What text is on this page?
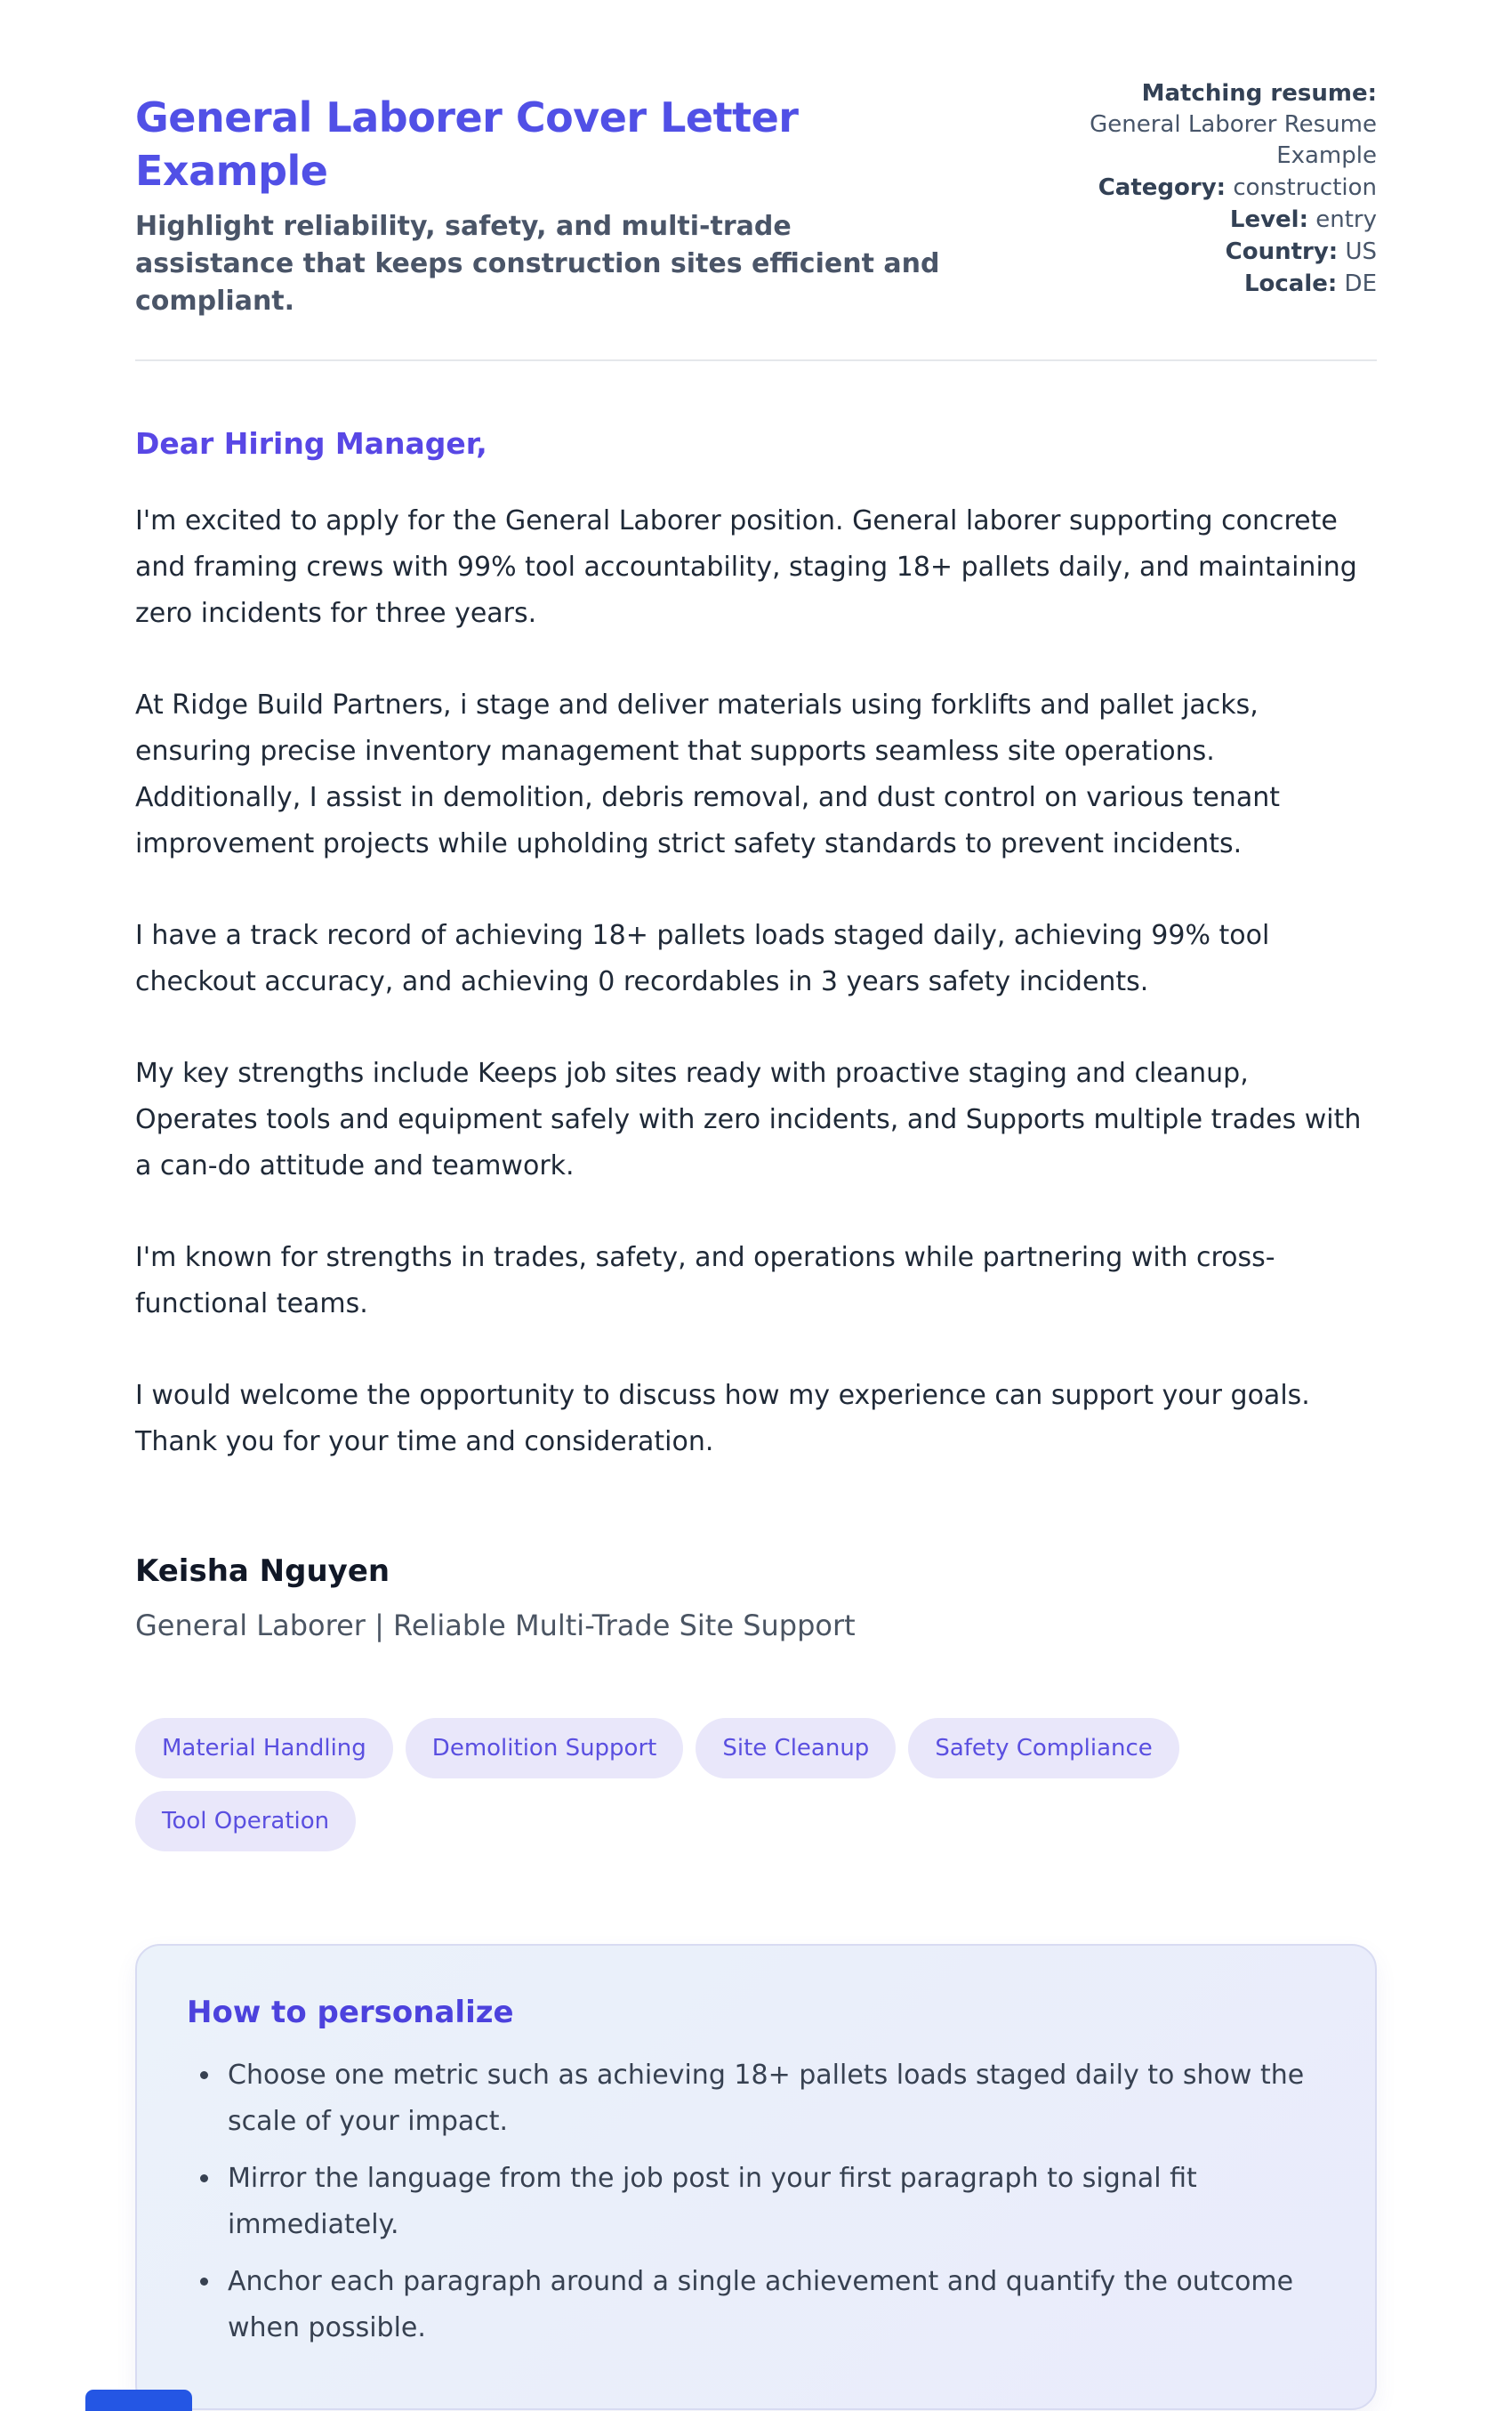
General Laborer Cover Letter Example

Highlight reliability, safety, and multi-trade assistance that keeps construction sites efficient and compliant.

Matching resume:
General Laborer Resume Example
Category: construction
Level: entry
Country: US
Locale: DE

Dear Hiring Manager,

I'm excited to apply for the General Laborer position. General laborer supporting concrete and framing crews with 99% tool accountability, staging 18+ pallets daily, and maintaining zero incidents for three years.

At Ridge Build Partners, i stage and deliver materials using forklifts and pallet jacks, ensuring precise inventory management that supports seamless site operations. Additionally, I assist in demolition, debris removal, and dust control on various tenant improvement projects while upholding strict safety standards to prevent incidents.

I have a track record of achieving 18+ pallets loads staged daily, achieving 99% tool checkout accuracy, and achieving 0 recordables in 3 years safety incidents.

My key strengths include Keeps job sites ready with proactive staging and cleanup, Operates tools and equipment safely with zero incidents, and Supports multiple trades with a can-do attitude and teamwork.

I'm known for strengths in trades, safety, and operations while partnering with cross-functional teams.

I would welcome the opportunity to discuss how my experience can support your goals. Thank you for your time and consideration.

Keisha Nguyen

General Laborer | Reliable Multi-Trade Site Support

Material Handling	Demolition Support	Site Cleanup	Safety Compliance
Tool Operation
How to personalize
• Choose one metric such as achieving 18+ pallets loads staged daily to show the scale of your impact.
• Mirror the language from the job post in your first paragraph to signal fit immediately.
• Anchor each paragraph around a single achievement and quantify the outcome when possible.
